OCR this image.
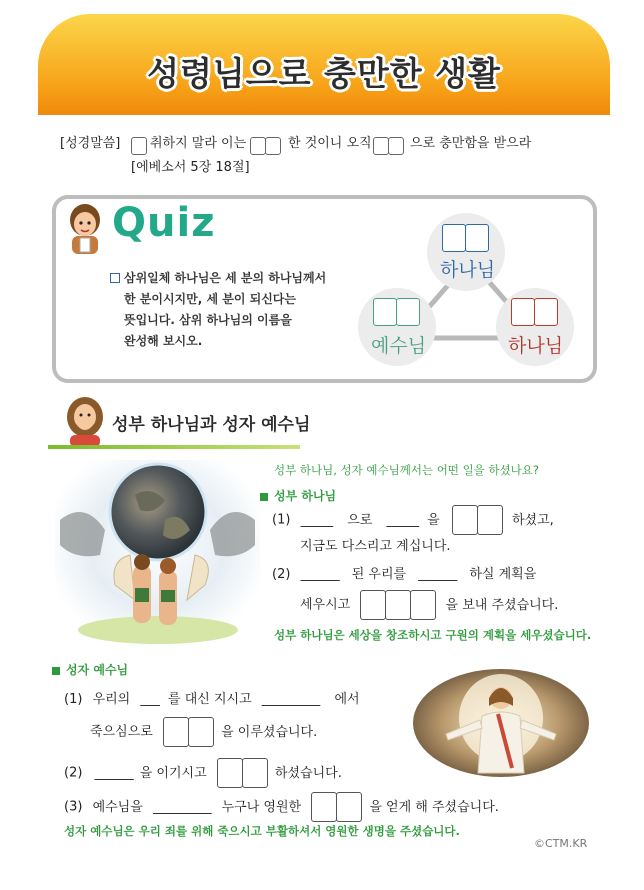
성령님으로 충만한 생활
[성경말씀] 취하지 말라 이는	한 것이니 오직	으로 충만함을 받으라
[에베소서 5장 18절]
Quiz
삼위일체 하나님은 세 분의 하나님께서
한 분이시지만, 세 분이 되신다는
뜻입니다. 삼위 하나님의 이름을
완성해 보시오.
하나님
예수님	하나님
성부 하나님과 성자 예수님
성부 하나님, 성자 예수님께서는 어떤 일을 하셨나요?
성부 하나님
(1) _____ 으로 _____ 을	하셨고,
지금도 다스리고 계십니다.
(2) ______ 된 우리를 ______ 하실 계획을
세우시고	을 보내 주셨습니다.
성부 하나님은 세상을 창조하시고 구원의 계획을 세우셨습니다.
성자 예수님
(1) 우리의 ___ 를 대신 지시고 _________ 에서
죽으심으로	을 이루셨습니다.
(2) ______ 을 이기시고	하셨습니다.
(3) 예수님을 _________ 누구나 영원한	을 얻게 해 주셨습니다.
성자 예수님은 우리 죄를 위해 죽으시고 부활하셔서 영원한 생명을 주셨습니다.
©CTM.KR
